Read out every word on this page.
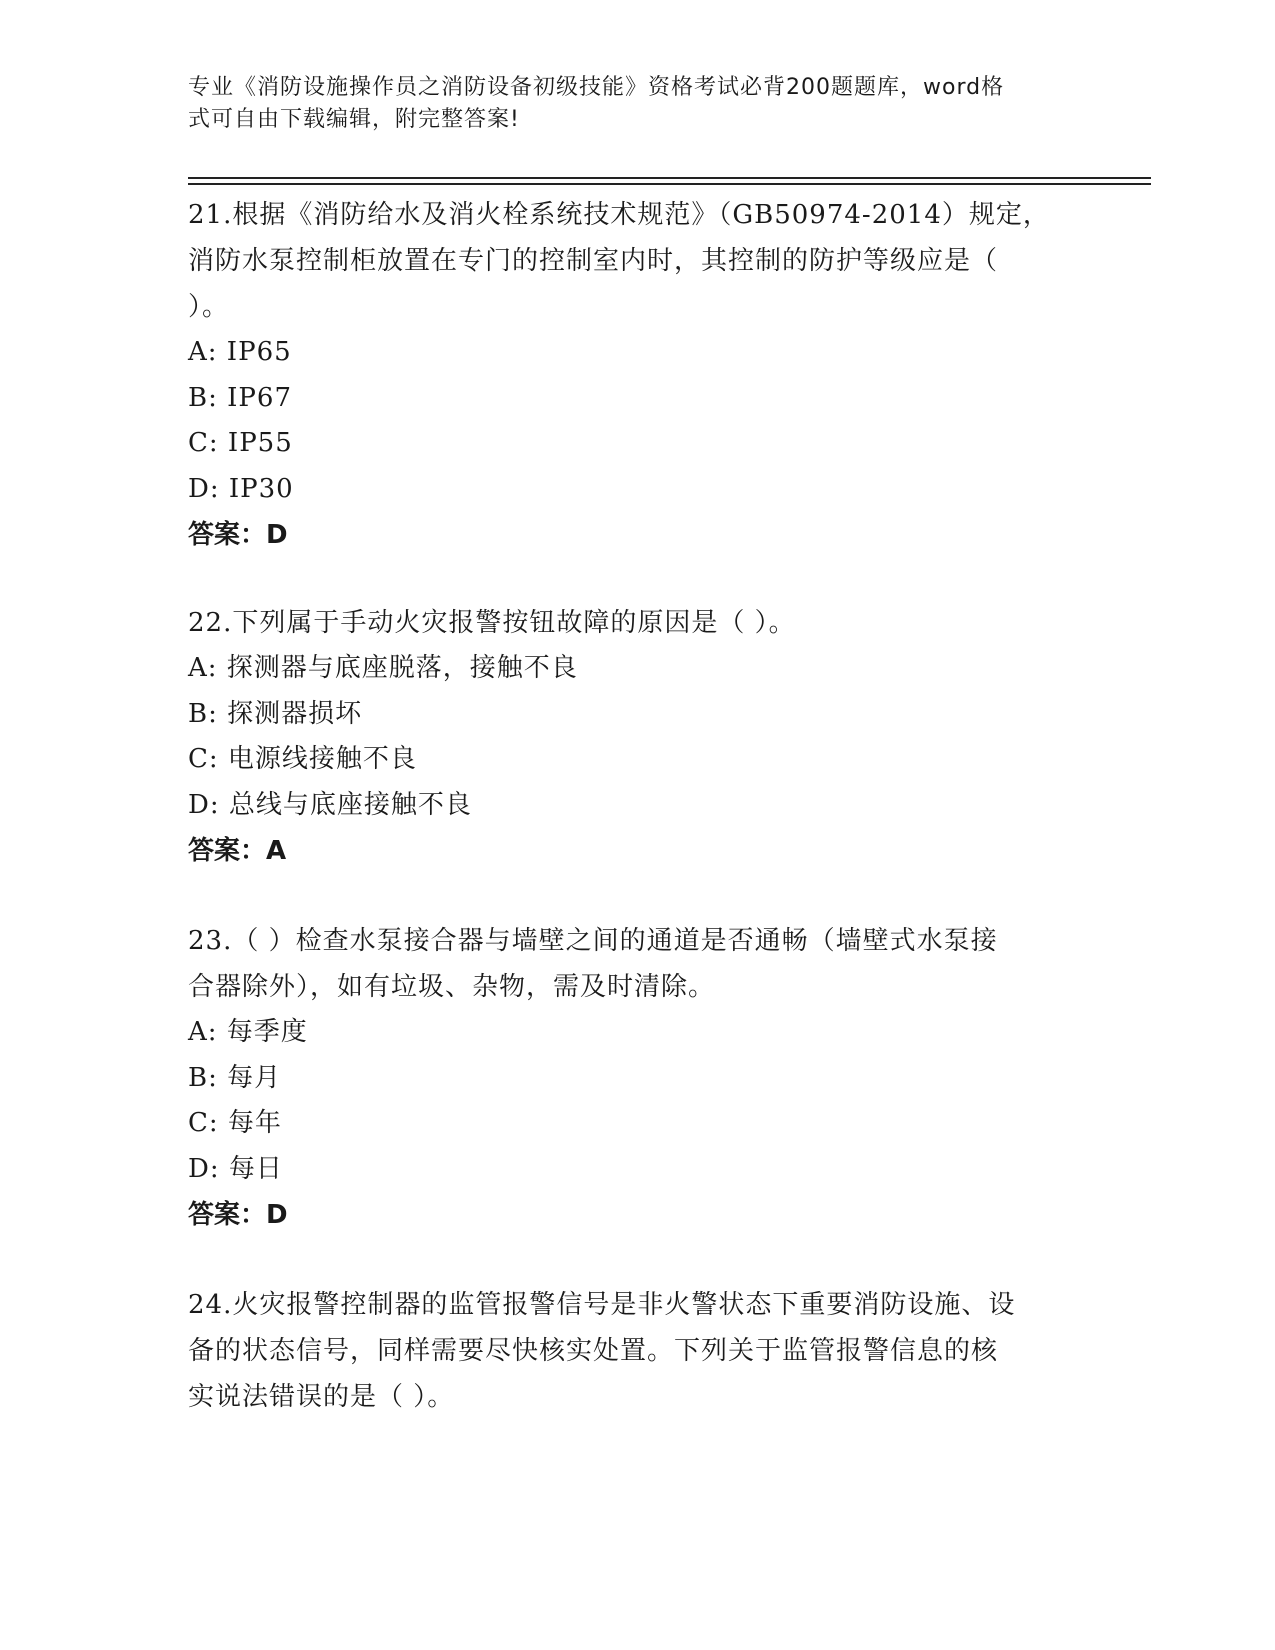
专业《消防设施操作员之消防设备初级技能》资格考试必背200题题库，word格
式可自由下载编辑，附完整答案!
21.根据《消防给水及消火栓系统技术规范》（GB50974-2014）规定，
消防水泵控制柜放置在专门的控制室内时，其控制的防护等级应是（
）。
A: IP65
B: IP67
C: IP55
D: IP30
答案：D
22.下列属于手动火灾报警按钮故障的原因是（ ）。
A: 探测器与底座脱落，接触不良
B: 探测器损坏
C: 电源线接触不良
D: 总线与底座接触不良
答案：A
23.（ ）检查水泵接合器与墙壁之间的通道是否通畅（墙壁式水泵接
合器除外），如有垃圾、杂物，需及时清除。
A: 每季度
B: 每月
C: 每年
D: 每日
答案：D
24.火灾报警控制器的监管报警信号是非火警状态下重要消防设施、设
备的状态信号，同样需要尽快核实处置。下列关于监管报警信息的核
实说法错误的是（ ）。
